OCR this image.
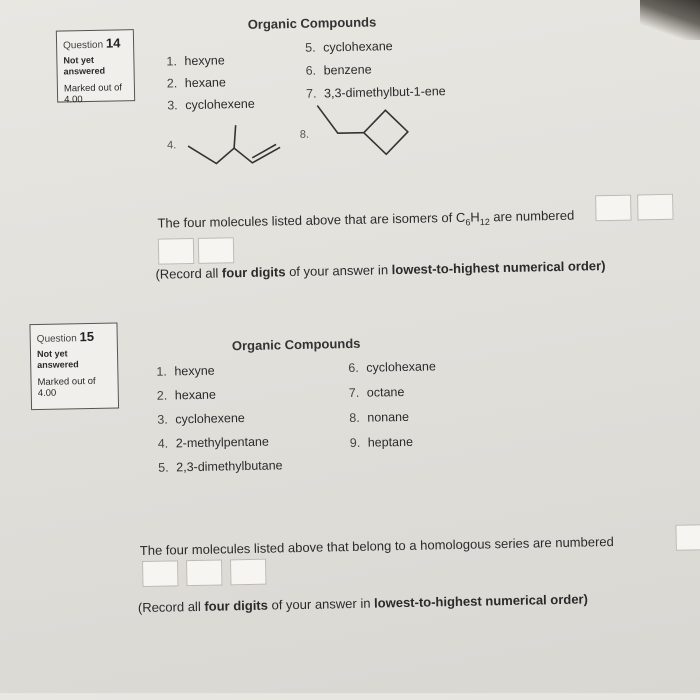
Question 14
Not yet answered
Marked out of 4.00
Organic Compounds
1. hexyne
2. hexane
3. cyclohexene
5. cyclohexane
6. benzene
7. 3,3-dimethylbut-1-ene
4.
8.
The four molecules listed above that are isomers of $C_6H_{12}$ are numbered
(Record all four digits of your answer in lowest-to-highest numerical order)
Question 15
Not yet answered
Marked out of 4.00
Organic Compounds
1. hexyne
2. hexane
3. cyclohexene
4. 2-methylpentane
5. 2,3-dimethylbutane
6. cyclohexane
7. octane
8. nonane
9. heptane
The four molecules listed above that belong to a homologous series are numbered
(Record all four digits of your answer in lowest-to-highest numerical order)
